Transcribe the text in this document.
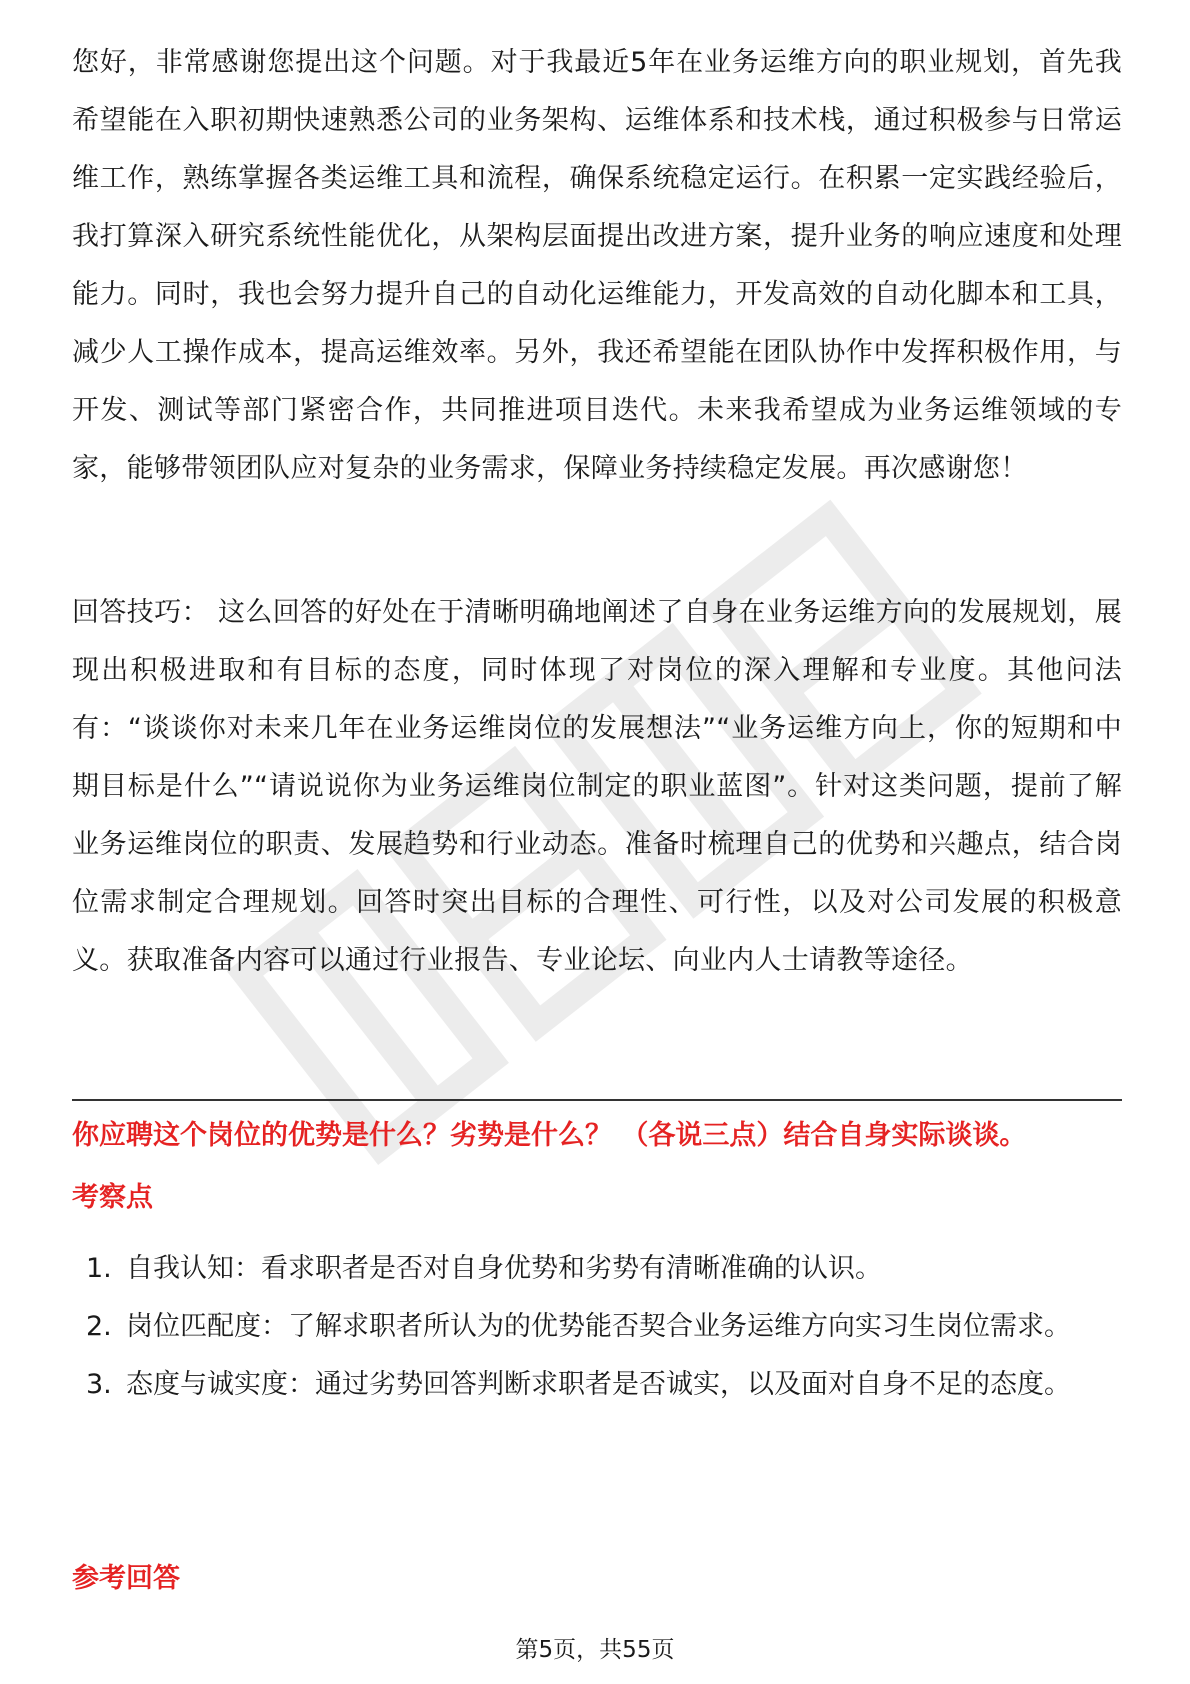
您好，非常感谢您提出这个问题。对于我最近5年在业务运维方向的职业规划，首先我希望能在入职初期快速熟悉公司的业务架构、运维体系和技术栈，通过积极参与日常运维工作，熟练掌握各类运维工具和流程，确保系统稳定运行。在积累一定实践经验后，我打算深入研究系统性能优化，从架构层面提出改进方案，提升业务的响应速度和处理能力。同时，我也会努力提升自己的自动化运维能力，开发高效的自动化脚本和工具，减少人工操作成本，提高运维效率。另外，我还希望能在团队协作中发挥积极作用，与开发、测试等部门紧密合作，共同推进项目迭代。未来我希望成为业务运维领域的专家，能够带领团队应对复杂的业务需求，保障业务持续稳定发展。再次感谢您！

回答技巧： 这么回答的好处在于清晰明确地阐述了自身在业务运维方向的发展规划，展现出积极进取和有目标的态度，同时体现了对岗位的深入理解和专业度。其他问法有：“谈谈你对未来几年在业务运维岗位的发展想法”“业务运维方向上，你的短期和中期目标是什么”“请说说你为业务运维岗位制定的职业蓝图”。针对这类问题，提前了解业务运维岗位的职责、发展趋势和行业动态。准备时梳理自己的优势和兴趣点，结合岗位需求制定合理规划。回答时突出目标的合理性、可行性，以及对公司发展的积极意义。获取准备内容可以通过行业报告、专业论坛、向业内人士请教等途径。

你应聘这个岗位的优势是什么？劣势是什么？ （各说三点）结合自身实际谈谈。

考察点

1. 自我认知：看求职者是否对自身优势和劣势有清晰准确的认识。
2. 岗位匹配度：了解求职者所认为的优势能否契合业务运维方向实习生岗位需求。
3. 态度与诚实度：通过劣势回答判断求职者是否诚实，以及面对自身不足的态度。

参考回答

第5页，共55页
